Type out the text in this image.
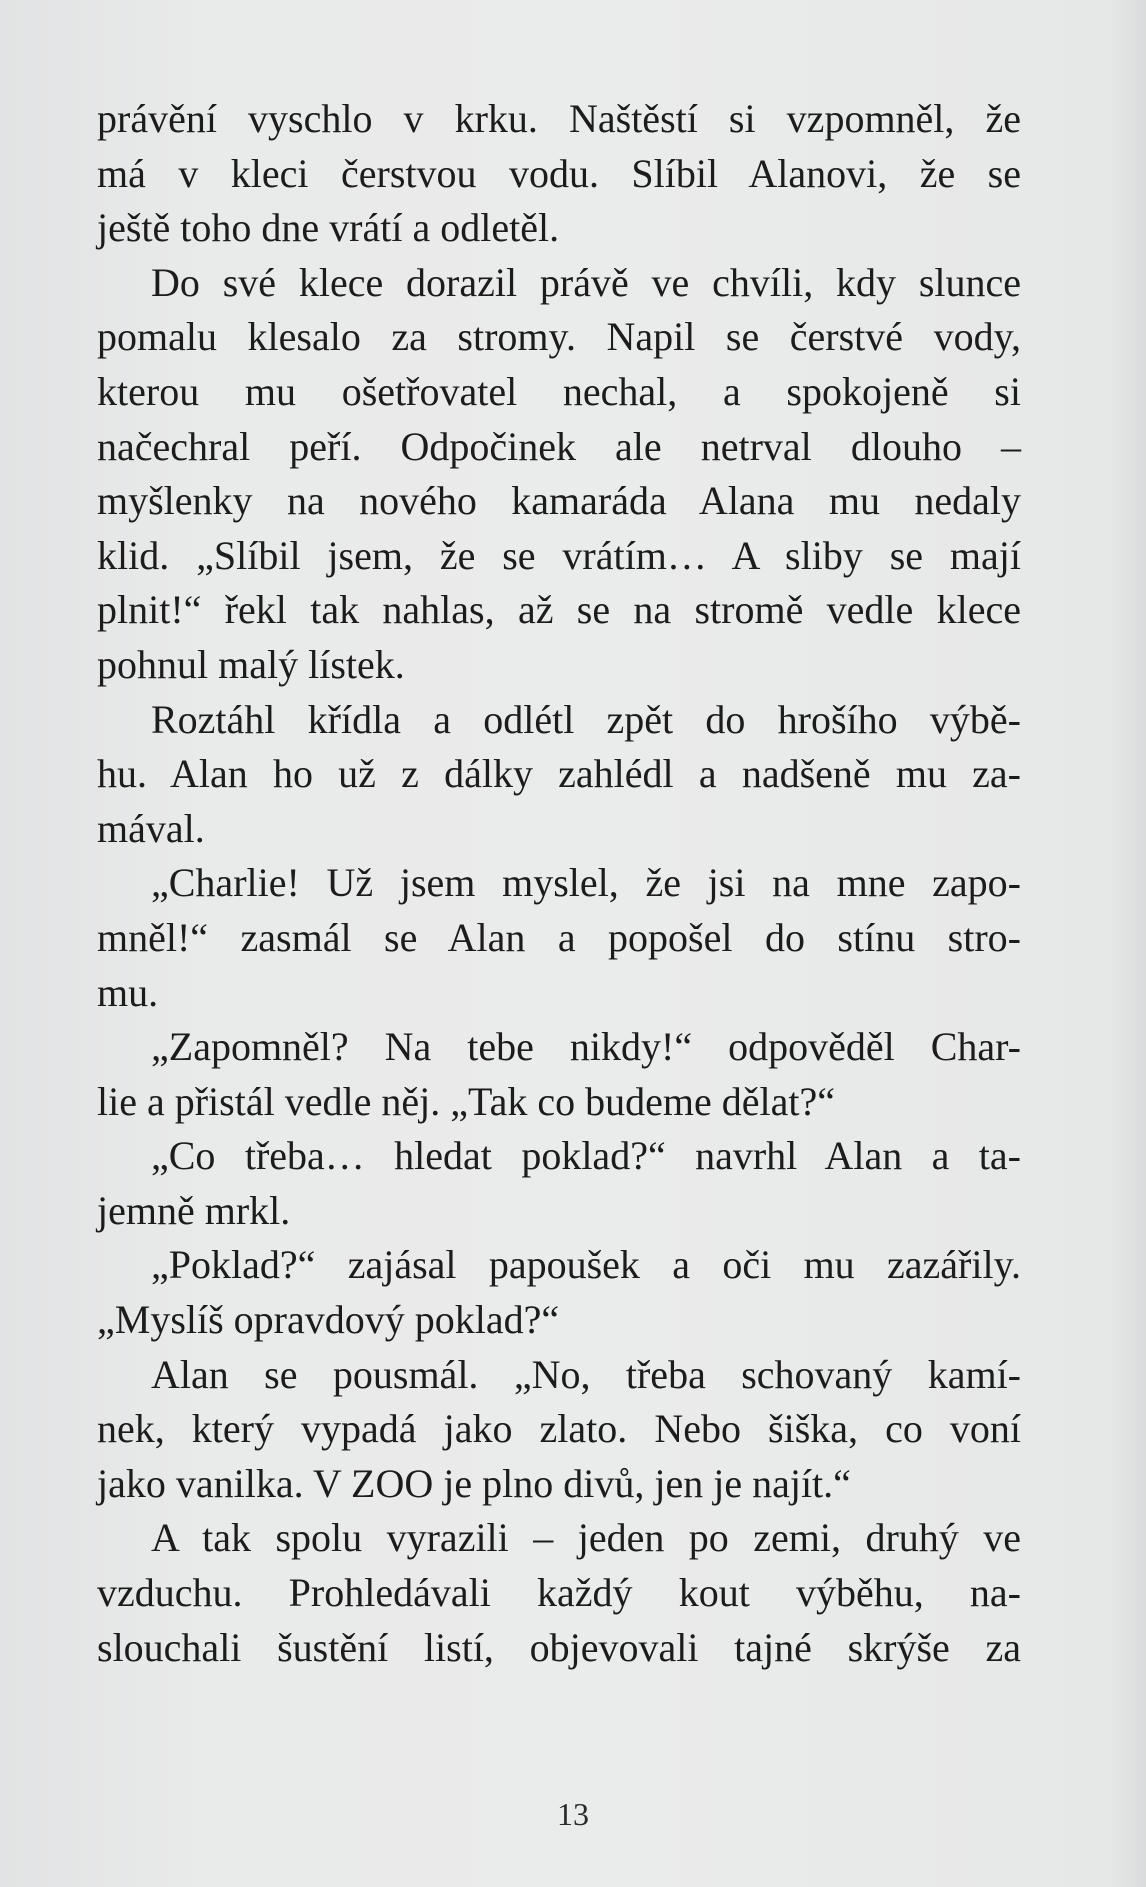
právění vyschlo v krku. Naštěstí si vzpomněl, že
má v kleci čerstvou vodu. Slíbil Alanovi, že se
ještě toho dne vrátí a odletěl.
Do své klece dorazil právě ve chvíli, kdy slunce
pomalu klesalo za stromy. Napil se čerstvé vody,
kterou mu ošetřovatel nechal, a spokojeně si
načechral peří. Odpočinek ale netrval dlouho –
myšlenky na nového kamaráda Alana mu nedaly
klid. „Slíbil jsem, že se vrátím… A sliby se mají
plnit!“ řekl tak nahlas, až se na stromě vedle klece
pohnul malý lístek.
Roztáhl křídla a odlétl zpět do hrošího výbě-
hu. Alan ho už z dálky zahlédl a nadšeně mu za-
mával.
„Charlie! Už jsem myslel, že jsi na mne zapo-
mněl!“ zasmál se Alan a popošel do stínu stro-
mu.
„Zapomněl? Na tebe nikdy!“ odpověděl Char-
lie a přistál vedle něj. „Tak co budeme dělat?“
„Co třeba… hledat poklad?“ navrhl Alan a ta-
jemně mrkl.
„Poklad?“ zajásal papoušek a oči mu zazářily.
„Myslíš opravdový poklad?“
Alan se pousmál. „No, třeba schovaný kamí-
nek, který vypadá jako zlato. Nebo šiška, co voní
jako vanilka. V ZOO je plno divů, jen je najít.“
A tak spolu vyrazili – jeden po zemi, druhý ve
vzduchu. Prohledávali každý kout výběhu, na-
slouchali šustění listí, objevovali tajné skrýše za
13
